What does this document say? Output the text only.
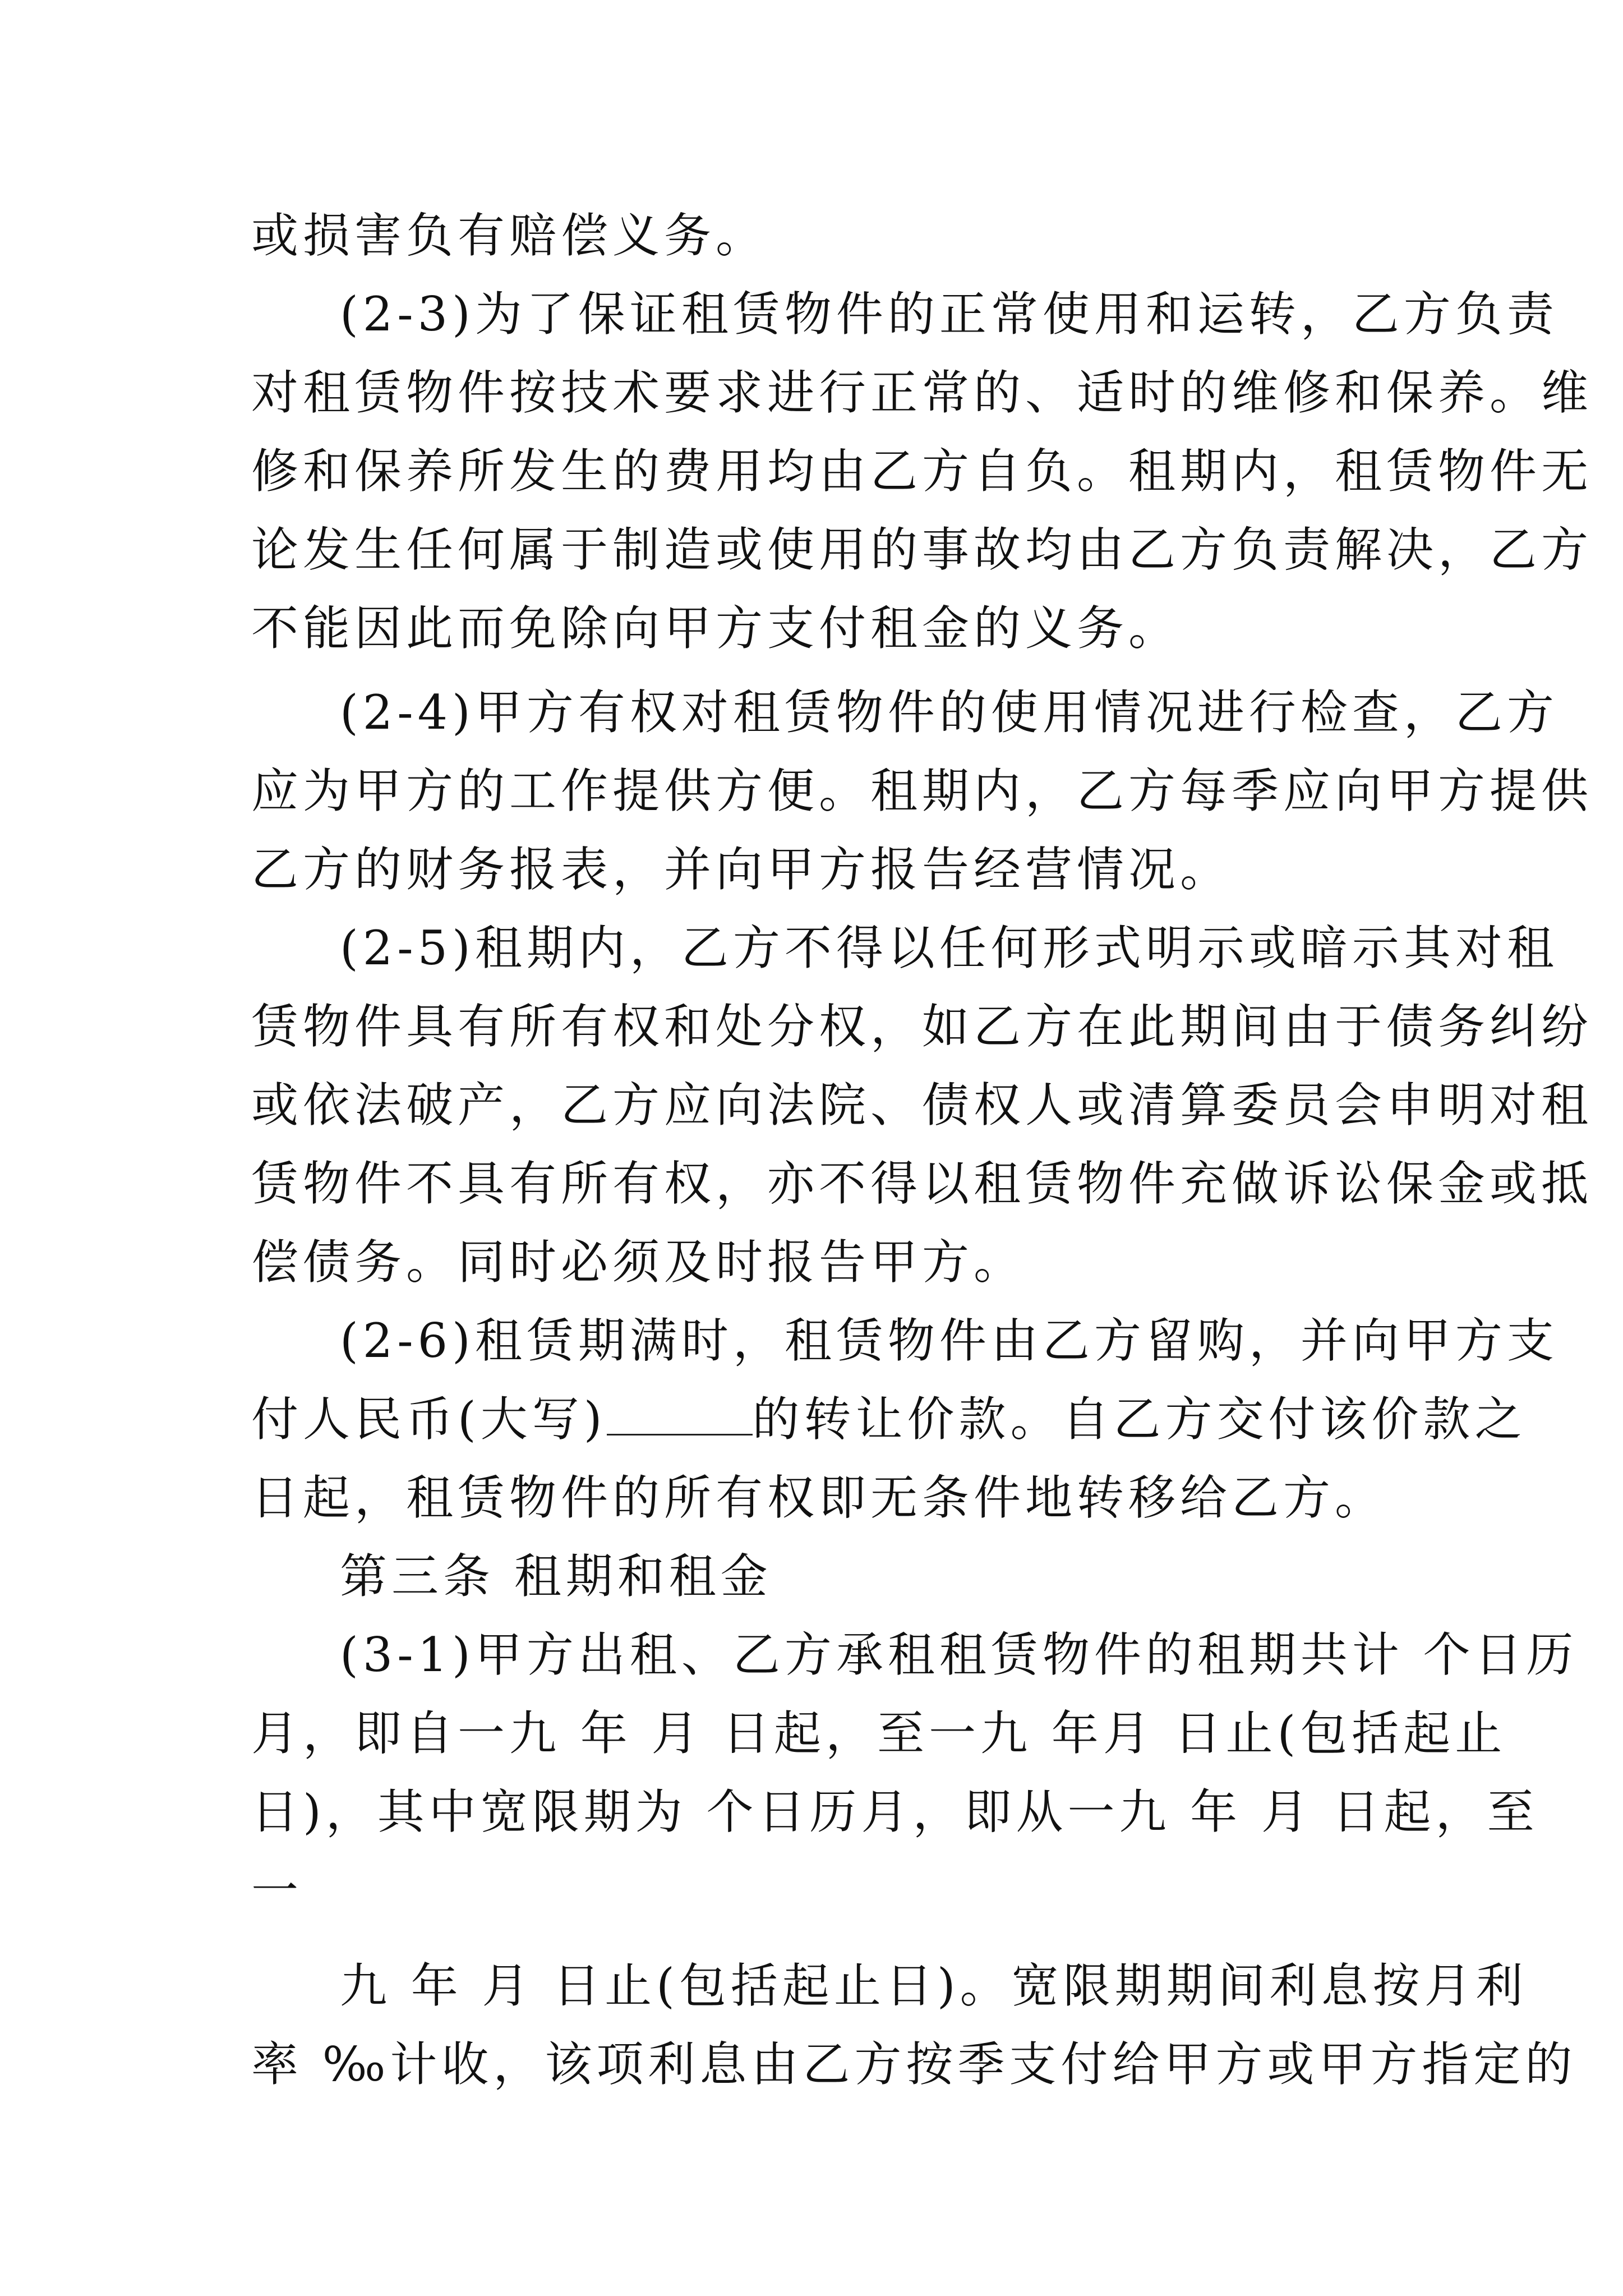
或损害负有赔偿义务。
(2-3)为了保证租赁物件的正常使用和运转，乙方负责
对租赁物件按技术要求进行正常的、适时的维修和保养。维
修和保养所发生的费用均由乙方自负。租期内，租赁物件无
论发生任何属于制造或使用的事故均由乙方负责解决，乙方
不能因此而免除向甲方支付租金的义务。
(2-4)甲方有权对租赁物件的使用情况进行检查，乙方
应为甲方的工作提供方便。租期内，乙方每季应向甲方提供
乙方的财务报表，并向甲方报告经营情况。
(2-5)租期内，乙方不得以任何形式明示或暗示其对租
赁物件具有所有权和处分权，如乙方在此期间由于债务纠纷
或依法破产，乙方应向法院、债权人或清算委员会申明对租
赁物件不具有所有权，亦不得以租赁物件充做诉讼保金或抵
偿债务。同时必须及时报告甲方。
(2-6)租赁期满时，租赁物件由乙方留购，并向甲方支
付人民币(大写)	的转让价款。自乙方交付该价款之
日起，租赁物件的所有权即无条件地转移给乙方。
第三条 租期和租金
(3-1)甲方出租、乙方承租租赁物件的租期共计 个日历
月，即自一九 年 月 日起，至一九 年月 日止(包括起止
日)，其中宽限期为 个日历月，即从一九 年 月 日起，至
一
九 年 月 日止(包括起止日)。宽限期期间利息按月利
率 ‰计收，该项利息由乙方按季支付给甲方或甲方指定的
